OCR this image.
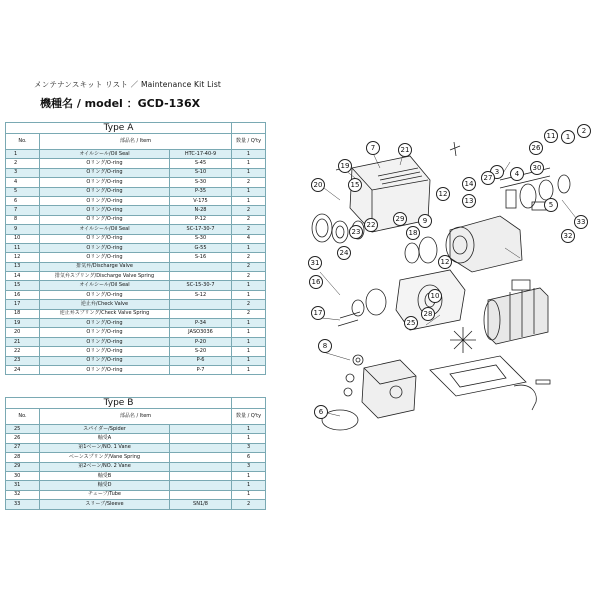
メンテナンスキット リスト ／ Maintenance Kit List
機種名 / model ：GCD-136X
Type A			
No.	部品名 / Item		数量 / Q'ty
1	オイルシール/Oil Seal	HTC-17-40-9	1
2	Oリング/O-ring	S-45	1
3	Oリング/O-ring	S-10	1
4	Oリング/O-ring	S-30	2
5	Oリング/O-ring	P-35	1
6	Oリング/O-ring	V-175	1
7	Oリング/O-ring	N-28	2
8	Oリング/O-ring	P-12	2
9	オイルシール/Oil Seal	SC-17-30-7	2
10	Oリング/O-ring	S-30	4
11	Oリング/O-ring	G-55	1
12	Oリング/O-ring	S-16	2
13	排気弁/Discharge Valve		2
14	排気弁スプリング/Discharge Valve Spring		2
15	オイルシール/Oil Seal	SC-15-30-7	1
16	Oリング/O-ring	S-12	1
17	逆止弁/Check Valve		2
18	逆止弁スプリング/Check Valve Spring		2
19	Oリング/O-ring	P-34	1
20	Oリング/O-ring	JASO3036	1
21	Oリング/O-ring	P-20	1
22	Oリング/O-ring	S-20	1
23	Oリング/O-ring	P-6	1
24	Oリング/O-ring	P-7	1
Type B			
No.	部品名 / Item		数量 / Q'ty
25	スパイダー/Spider		1
26	軸受A		1
27	第1ベーン/NO. 1 Vane		3
28	ベーンスプリング/Vane Spring		6
29	第2ベーン/NO. 2 Vane		3
30	軸受B		1
31	軸受D		1
32	チューブ/Tube		1
33	スリーブ/Sleeve	SN1/8	2
1
2
3	4
5
6
7
8
9
10
11
12
13
14
15
16
17
18
19
20
21
22
23
24
25
26
27
28
29
30
31
32
33
12
